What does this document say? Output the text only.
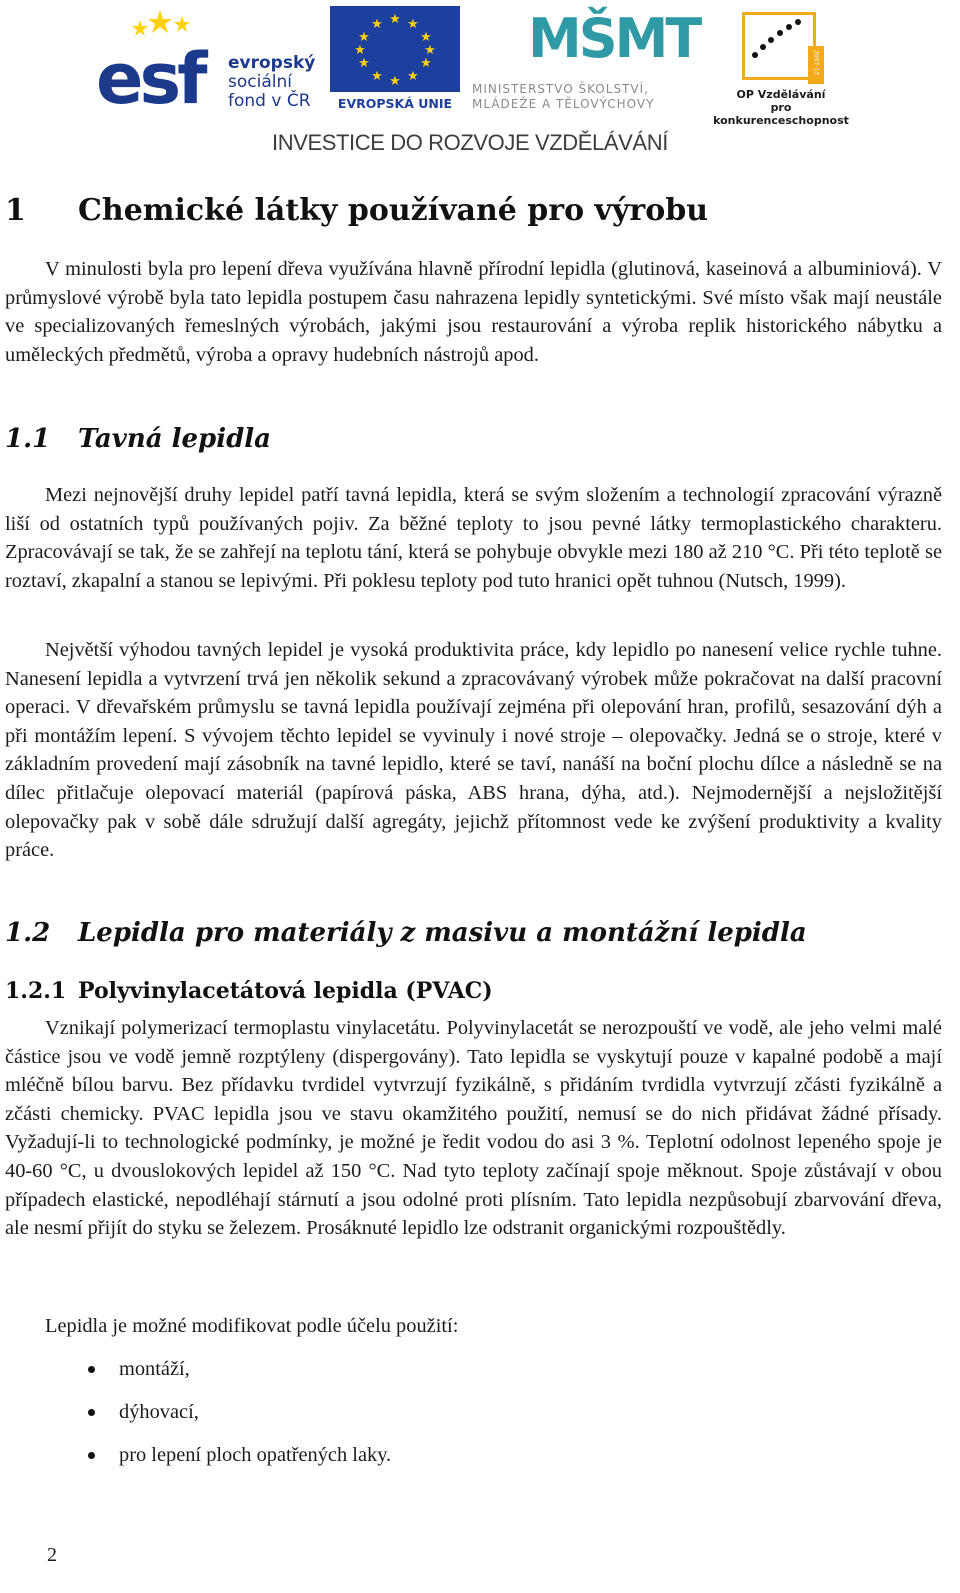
esf evropský
sociální
fond v ČR
★ ★
★
★
★
★
★
★
★
★
★
★
EVROPSKÁ UNIE
MŠMT
MINISTERSTVO ŠKOLSTVÍ,
MLÁDEŽE A TĚLOVÝCHOVY
2007-13
OP Vzdělávání
pro konkurenceschopnost
INVESTICE DO ROZVOJE VZDĚLÁVÁNÍ
1 Chemické látky používané pro výrobu

V minulosti byla pro lepení dřeva využívána hlavně přírodní lepidla (glutinová, kaseinová a albuminiová). V průmyslové výrobě byla tato lepidla postupem času nahrazena lepidly syntetickými. Své místo však mají neustále ve specializovaných řemeslných výrobách, jakými jsou restaurování a výroba replik historického nábytku a uměleckých předmětů, výroba a opravy hudebních nástrojů apod.

1.1 Tavná lepidla

Mezi nejnovější druhy lepidel patří tavná lepidla, která se svým složením a technologií zpracování výrazně liší od ostatních typů používaných pojiv. Za běžné teploty to jsou pevné látky termoplastického charakteru. Zpracovávají se tak, že se zahřejí na teplotu tání, která se pohybuje obvykle mezi 180 až 210 °C. Při této teplotě se roztaví, zkapalní a stanou se lepivými. Při poklesu teploty pod tuto hranici opět tuhnou (Nutsch, 1999).

Největší výhodou tavných lepidel je vysoká produktivita práce, kdy lepidlo po nanesení velice rychle tuhne. Nanesení lepidla a vytvrzení trvá jen několik sekund a zpracovávaný výrobek může pokračovat na další pracovní operaci. V dřevařském průmyslu se tavná lepidla používají zejména při olepování hran, profilů, sesazování dýh a při montážím lepení. S vývojem těchto lepidel se vyvinuly i nové stroje – olepovačky. Jedná se o stroje, které v základním provedení mají zásobník na tavné lepidlo, které se taví, nanáší na boční plochu dílce a následně se na dílec přitlačuje olepovací materiál (papírová páska, ABS hrana, dýha, atd.). Nejmodernější a nejsložitější olepovačky pak v sobě dále sdružují další agregáty, jejichž přítomnost vede ke zvýšení produktivity a kvality práce.

1.2 Lepidla pro materiály z masivu a montážní lepidla
1.2.1 Polyvinylacetátová lepidla (PVAC)

Vznikají polymerizací termoplastu vinylacetátu. Polyvinylacetát se nerozpouští ve vodě, ale jeho velmi malé částice jsou ve vodě jemně rozptýleny (dispergovány). Tato lepidla se vyskytují pouze v kapalné podobě a mají mléčně bílou barvu. Bez přídavku tvrdidel vytvrzují fyzikálně, s přidáním tvrdidla vytvrzují zčásti fyzikálně a zčásti chemicky. PVAC lepidla jsou ve stavu okamžitého použití, nemusí se do nich přidávat žádné přísady. Vyžadují-li to technologické podmínky, je možné je ředit vodou do asi 3 %. Teplotní odolnost lepeného spoje je 40-60 °C, u dvouslokových lepidel až 150 °C. Nad tyto teploty začínají spoje měknout. Spoje zůstávají v obou případech elastické, nepodléhají stárnutí a jsou odolné proti plísním. Tato lepidla nezpůsobují zbarvování dřeva, ale nesmí přijít do styku se železem. Prosáknuté lepidlo lze odstranit organickými rozpouštědly.

Lepidla je možné modifikovat podle účelu použití:

montáží,
dýhovací,
pro lepení ploch opatřených laky.
2
